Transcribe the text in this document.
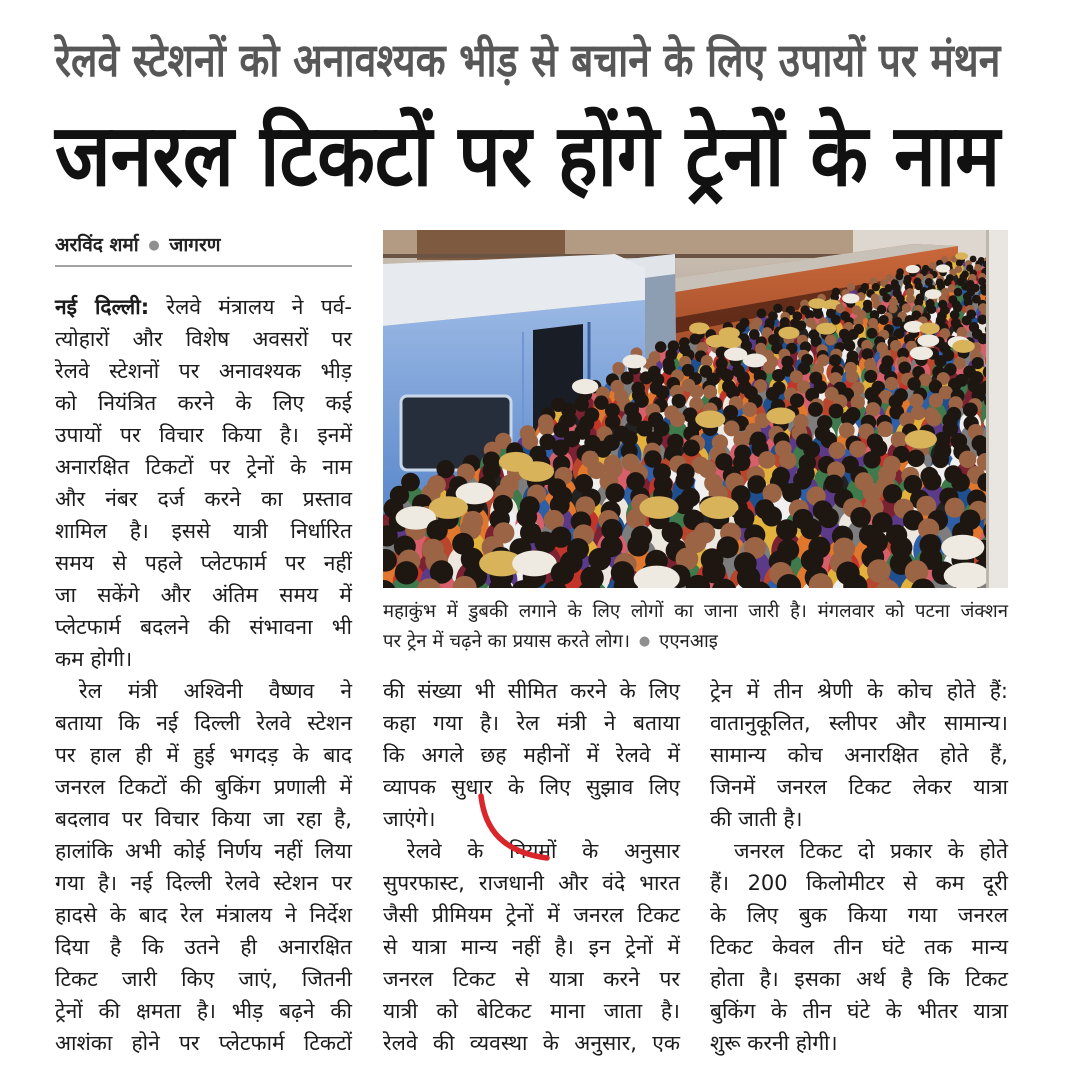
रेलवे स्टेशनों को अनावश्यक भीड़ से बचाने के लिए उपायों पर मंथन
जनरल टिकटों पर होंगे ट्रेनों के नाम
अरविंद शर्मा ● जागरण
नई दिल्ली: रेलवे मंत्रालय ने पर्व-
त्योहारों और विशेष अवसरों पर
रेलवे स्टेशनों पर अनावश्यक भीड़
को नियंत्रित करने के लिए कई
उपायों पर विचार किया है। इनमें
अनारक्षित टिकटों पर ट्रेनों के नाम
और नंबर दर्ज करने का प्रस्ताव
शामिल है। इससे यात्री निर्धारित
समय से पहले प्लेटफार्म पर नहीं
जा सकेंगे और अंतिम समय में
प्लेटफार्म बदलने की संभावना भी
कम होगी।
रेल मंत्री अश्विनी वैष्णव ने
बताया कि नई दिल्ली रेलवे स्टेशन
पर हाल ही में हुई भगदड़ के बाद
जनरल टिकटों की बुकिंग प्रणाली में
बदलाव पर विचार किया जा रहा है,
हालांकि अभी कोई निर्णय नहीं लिया
गया है। नई दिल्ली रेलवे स्टेशन पर
हादसे के बाद रेल मंत्रालय ने निर्देश
दिया है कि उतने ही अनारक्षित
टिकट जारी किए जाएं, जितनी
ट्रेनों की क्षमता है। भीड़ बढ़ने की
आशंका होने पर प्लेटफार्म टिकटों
महाकुंभ में डुबकी लगाने के लिए लोगों का जाना जारी है। मंगलवार को पटना जंक्शन
पर ट्रेन में चढ़ने का प्रयास करते लोग। ● एएनआइ
की संख्या भी सीमित करने के लिए
कहा गया है। रेल मंत्री ने बताया
कि अगले छह महीनों में रेलवे में
व्यापक सुधार के लिए सुझाव लिए
जाएंगे।
रेलवे के नियमों के अनुसार
सुपरफास्ट, राजधानी और वंदे भारत
जैसी प्रीमियम ट्रेनों में जनरल टिकट
से यात्रा मान्य नहीं है। इन ट्रेनों में
जनरल टिकट से यात्रा करने पर
यात्री को बेटिकट माना जाता है।
रेलवे की व्यवस्था के अनुसार, एक
ट्रेन में तीन श्रेणी के कोच होते हैं:
वातानुकूलित, स्लीपर और सामान्य।
सामान्य कोच अनारक्षित होते हैं,
जिनमें जनरल टिकट लेकर यात्रा
की जाती है।
जनरल टिकट दो प्रकार के होते
हैं। 200 किलोमीटर से कम दूरी
के लिए बुक किया गया जनरल
टिकट केवल तीन घंटे तक मान्य
होता है। इसका अर्थ है कि टिकट
बुकिंग के तीन घंटे के भीतर यात्रा
शुरू करनी होगी।
